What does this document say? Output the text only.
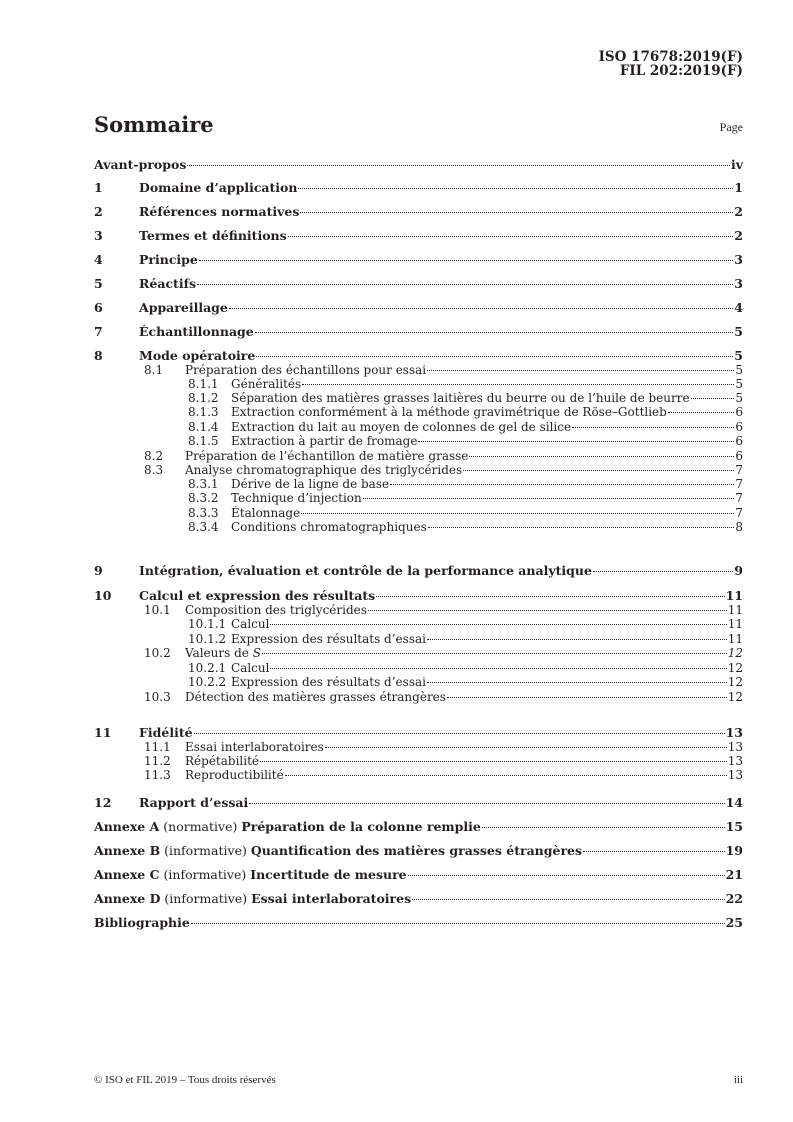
ISO 17678:2019(F)
FIL 202:2019(F)
Sommaire	Page
Avant-propos	iv
1	Domaine d’application	1
2	Références normatives	2
3	Termes et définitions	2
4	Principe	3
5	Réactifs	3
6	Appareillage	4
7	Échantillonnage	5
8	Mode opératoire	5
8.1	Préparation des échantillons pour essai	5
8.1.1	Généralités	5
8.1.2	Séparation des matières grasses laitières du beurre ou de l’huile de beurre	5
8.1.3	Extraction conformément à la méthode gravimétrique de Röse–Gottlieb	6
8.1.4	Extraction du lait au moyen de colonnes de gel de silice	6
8.1.5	Extraction à partir de fromage	6
8.2	Préparation de l’échantillon de matière grasse	6
8.3	Analyse chromatographique des triglycérides	7
8.3.1	Dérive de la ligne de base	7
8.3.2	Technique d’injection	7
8.3.3	Étalonnage	7
8.3.4	Conditions chromatographiques	8
9	Intégration, évaluation et contrôle de la performance analytique	9
10	Calcul et expression des résultats	11
10.1	Composition des triglycérides	11
10.1.1 Calcul	11
10.1.2 Expression des résultats d’essai	11
10.2	Valeurs de S	12
10.2.1 Calcul	12
10.2.2 Expression des résultats d’essai	12
10.3	Détection des matières grasses étrangères	12
11	Fidélité	13
11.1	Essai interlaboratoires	13
11.2	Répétabilité	13
11.3	Reproductibilité	13
12	Rapport d’essai	14
Annexe A (normative) Préparation de la colonne remplie	15
Annexe B (informative) Quantification des matières grasses étrangères	19
Annexe C (informative) Incertitude de mesure	21
Annexe D (informative) Essai interlaboratoires	22
Bibliographie	25
© ISO et FIL 2019 – Tous droits réservés	iii
